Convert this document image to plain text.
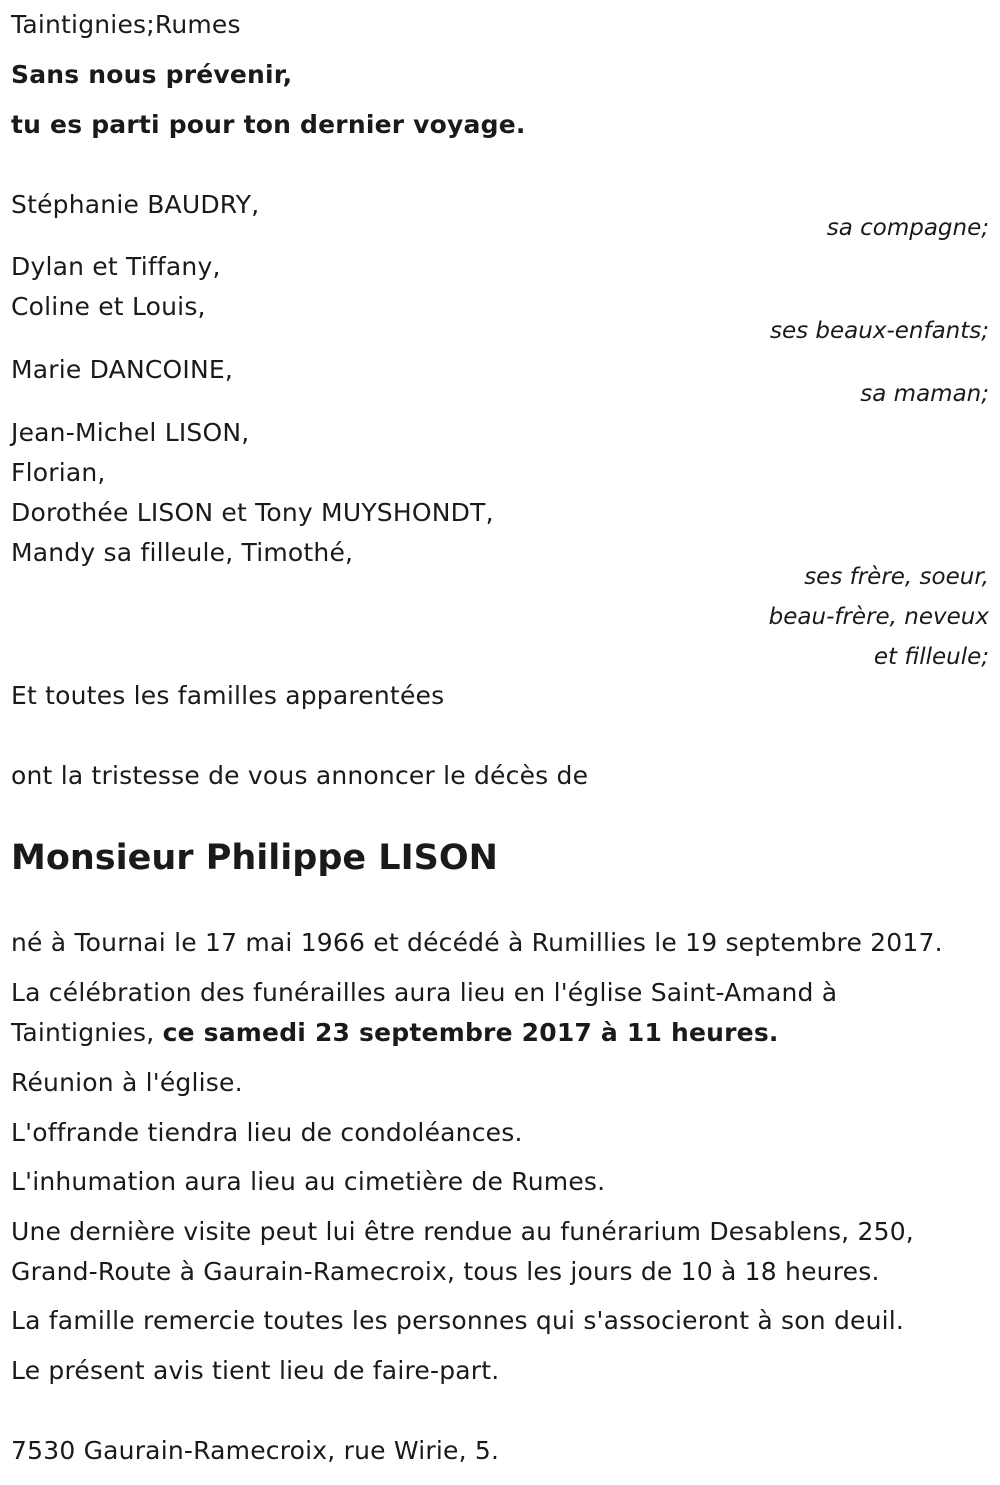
Taintignies;Rumes
Sans nous prévenir,
tu es parti pour ton dernier voyage.
Stéphanie BAUDRY,
sa compagne;
Dylan et Tiffany,
Coline et Louis,
ses beaux-enfants;
Marie DANCOINE,
sa maman;
Jean-Michel LISON,
Florian,
Dorothée LISON et Tony MUYSHONDT,
Mandy sa filleule, Timothé,
ses frère, soeur,
beau-frère, neveux
et filleule;
Et toutes les familles apparentées
ont la tristesse de vous annoncer le décès de
Monsieur Philippe LISON
né à Tournai le 17 mai 1966 et décédé à Rumillies le 19 septembre 2017.
La célébration des funérailles aura lieu en l'église Saint-Amand à
Taintignies, ce samedi 23 septembre 2017 à 11 heures.
Réunion à l'église.
L'offrande tiendra lieu de condoléances.
L'inhumation aura lieu au cimetière de Rumes.
Une dernière visite peut lui être rendue au funérarium Desablens, 250,
Grand-Route à Gaurain-Ramecroix, tous les jours de 10 à 18 heures.
La famille remercie toutes les personnes qui s'associeront à son deuil.
Le présent avis tient lieu de faire-part.
7530 Gaurain-Ramecroix, rue Wirie, 5.
